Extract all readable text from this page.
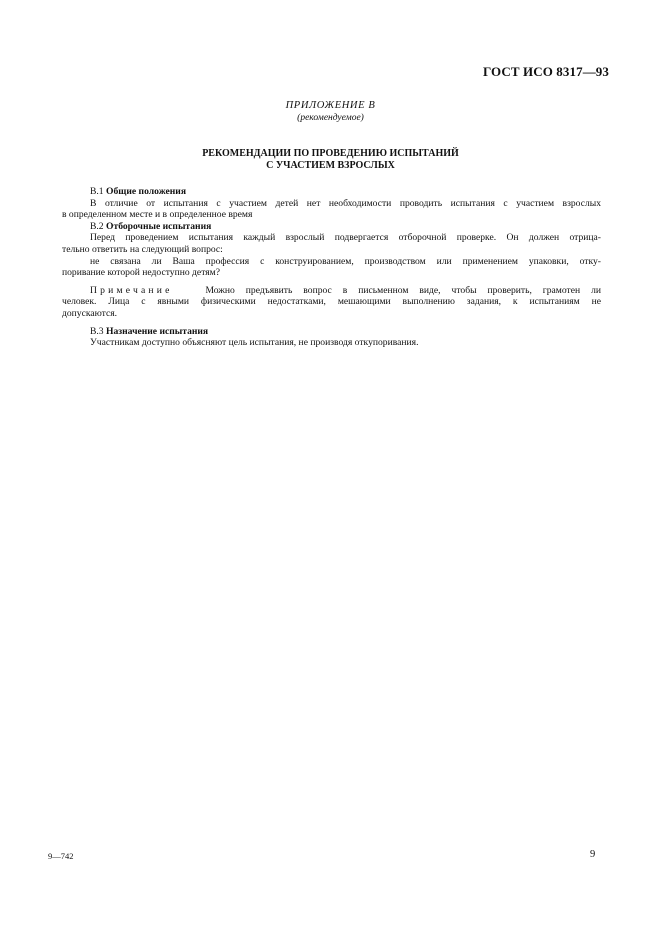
ГОСТ ИСО 8317—93
ПРИЛОЖЕНИЕ В
(рекомендуемое)
РЕКОМЕНДАЦИИ ПО ПРОВЕДЕНИЮ ИСПЫТАНИЙ
С УЧАСТИЕМ ВЗРОСЛЫХ
В.1 Общие положения
В отличие от испытания с участием детей нет необходимости проводить испытания с участием взрослых
в определенном месте и в определенное время
В.2 Отборочные испытания
Перед проведением испытания каждый взрослый подвергается отборочной проверке. Он должен отрица-
тельно ответить на следующий вопрос:
не связана ли Ваша профессия с конструированием, производством или применением упаковки, отку-
поривание которой недоступно детям?
Примечание	Можно предъявить вопрос в письменном виде, чтобы проверить, грамотен ли
человек. Лица с явными физическими недостатками, мешающими выполнению задания, к испытаниям не
допускаются.
В.3 Назначение испытания
Участникам доступно объясняют цель испытания, не производя откупоривания.
9—742	9
